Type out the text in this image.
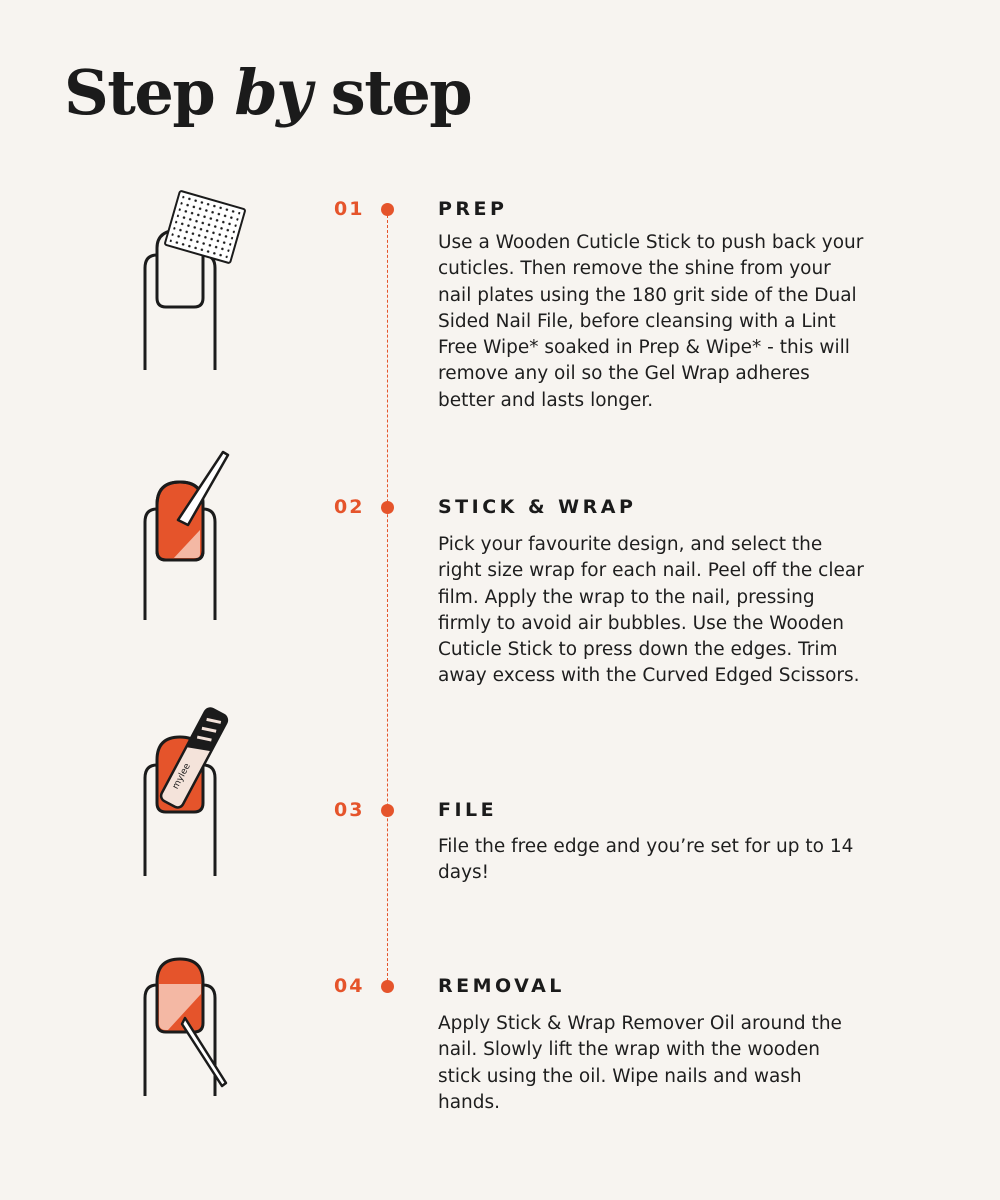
Step by step
01	PREP

Use a Wooden Cuticle Stick to push back your cuticles. Then remove the shine from your nail plates using the 180 grit side of the Dual Sided Nail File, before cleansing with a Lint Free Wipe* soaked in Prep & Wipe* - this will remove any oil so the Gel Wrap adheres better and lasts longer.

02	STICK & WRAP

Pick your favourite design, and select the right size wrap for each nail. Peel off the clear film. Apply the wrap to the nail, pressing firmly to avoid air bubbles. Use the Wooden Cuticle Stick to press down the edges. Trim away excess with the Curved Edged Scissors.

mylee
03	FILE

File the free edge and you’re set for up to 14 days!

04	REMOVAL

Apply Stick & Wrap Remover Oil around the nail. Slowly lift the wrap with the wooden stick using the oil. Wipe nails and wash hands.
